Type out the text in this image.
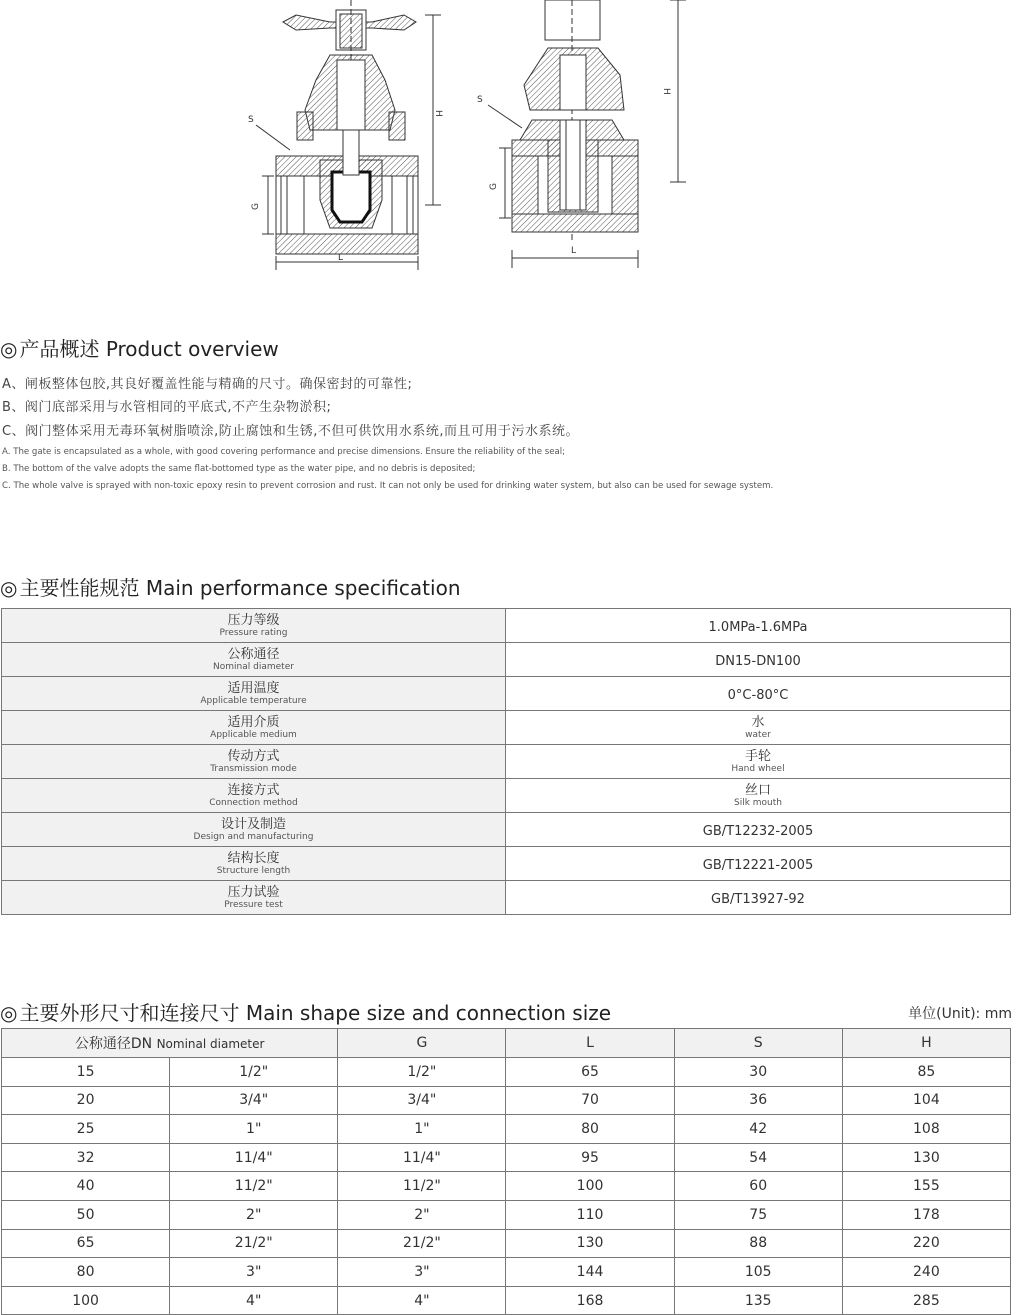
S
H
G
L
S
H
G
L
◎ 产品概述 Product overview
A、闸板整体包胶,其良好覆盖性能与精确的尺寸。确保密封的可靠性;
B、阀门底部采用与水管相同的平底式,不产生杂物淤积;
C、阀门整体采用无毒环氧树脂喷涂,防止腐蚀和生锈,不但可供饮用水系统,而且可用于污水系统。
A. The gate is encapsulated as a whole, with good covering performance and precise dimensions. Ensure the reliability of the seal;
B. The bottom of the valve adopts the same flat-bottomed type as the water pipe, and no debris is deposited;
C. The whole valve is sprayed with non-toxic epoxy resin to prevent corrosion and rust. It can not only be used for drinking water system, but also can be used for sewage system.
◎ 主要性能规范 Main performance specification
压力等级
Pressure rating	1.0MPa-1.6MPa

公称通径
Nominal diameter	DN15-DN100

适用温度
Applicable temperature	0°C-80°C

适用介质
Applicable medium	水
water

传动方式
Transmission mode	手轮
Hand wheel

连接方式
Connection method	丝口
Silk mouth

设计及制造
Design and manufacturing	GB/T12232-2005

结构长度
Structure length	GB/T12221-2005

压力试验
Pressure test	GB/T13927-92
◎ 主要外形尺寸和连接尺寸 Main shape size and connection size	单位(Unit): mm
公称通径DN Nominal diameter		G	L	S	H
15	1/2"	1/2"	65	30	85
20	3/4"	3/4"	70	36	104
25	1"	1"	80	42	108
32	11/4"	11/4"	95	54	130
40	11/2"	11/2"	100	60	155
50	2"	2"	110	75	178
65	21/2"	21/2"	130	88	220
80	3"	3"	144	105	240
100	4"	4"	168	135	285
